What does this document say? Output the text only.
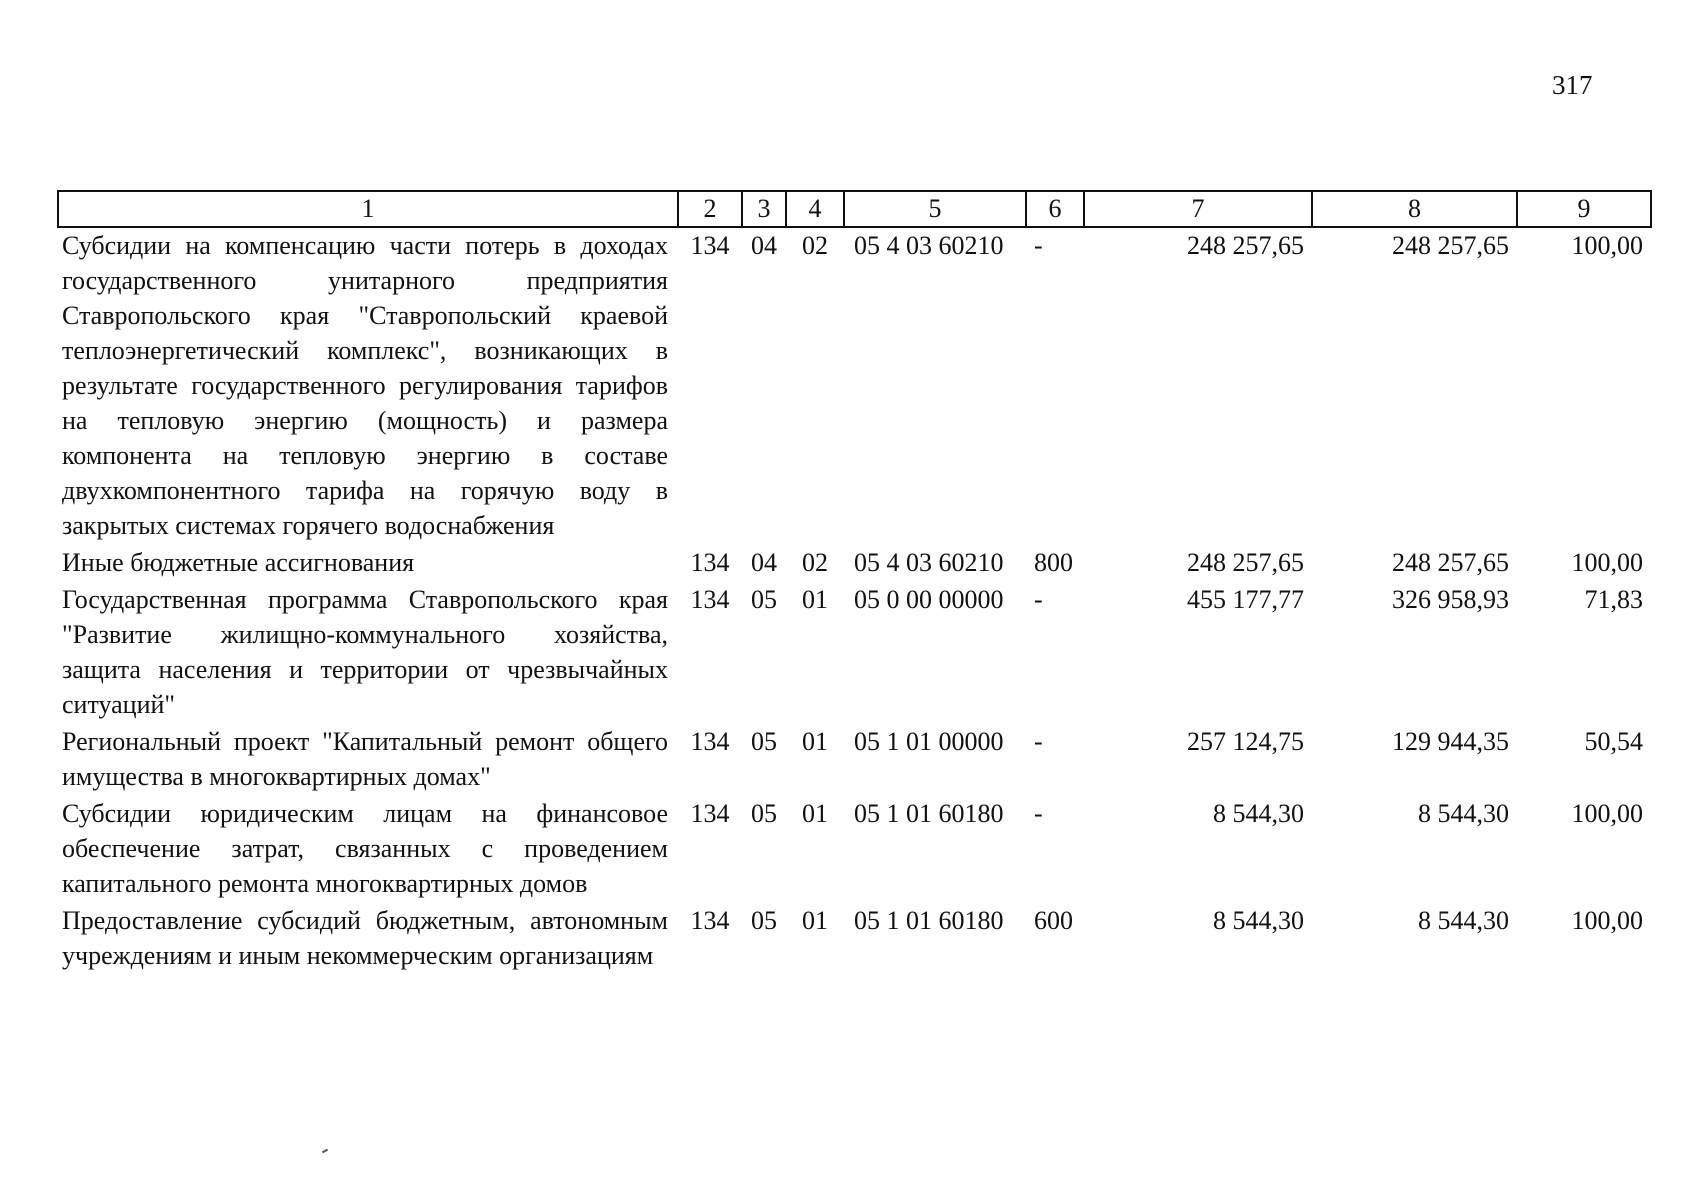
317
1	2	3	4	5	6	7	8	9
Субсидии на компенсацию части потерь в доходах государственного унитарного предприятия Ставропольского края "Ставропольский краевой теплоэнергетический комплекс", возникающих в результате государственного регулирования тарифов на тепловую энергию (мощность) и размера компонента на тепловую энергию в составе двухкомпонентного тарифа на горячую воду в закрытых системах горячего водоснабжения	134	04	02	05 4 03 60210	-	248 257,65	248 257,65	100,00
Иные бюджетные ассигнования	134	04	02	05 4 03 60210	800	248 257,65	248 257,65	100,00
Государственная программа Ставропольского края "Развитие жилищно-коммунального хозяйства, защита населения и территории от чрезвычайных ситуаций"	134	05	01	05 0 00 00000	-	455 177,77	326 958,93	71,83
Региональный проект "Капитальный ремонт общего имущества в многоквартирных домах"	134	05	01	05 1 01 00000	-	257 124,75	129 944,35	50,54
Субсидии юридическим лицам на финансовое обеспечение затрат, связанных с проведением капитального ремонта многоквартирных домов	134	05	01	05 1 01 60180	-	8 544,30	8 544,30	100,00
Предоставление субсидий бюджетным, автономным учреждениям и иным некоммерческим организациям	134	05	01	05 1 01 60180	600	8 544,30	8 544,30	100,00
